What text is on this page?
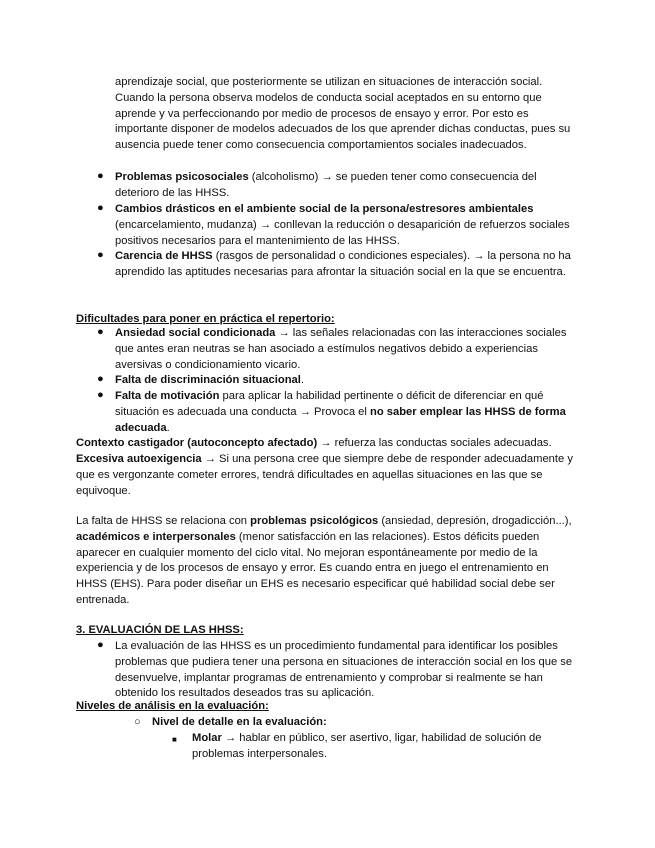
aprendizaje social, que posteriormente se utilizan en situaciones de interacción social. Cuando la persona observa modelos de conducta social aceptados en su entorno que aprende y va perfeccionando por medio de procesos de ensayo y error. Por esto es importante disponer de modelos adecuados de los que aprender dichas conductas, pues su ausencia puede tener como consecuencia comportamientos sociales inadecuados.

● Problemas psicosociales (alcoholismo) → se pueden tener como consecuencia del deterioro de las HHSS.

● Cambios drásticos en el ambiente social de la persona/estresores ambientales (encarcelamiento, mudanza) → conllevan la reducción o desaparición de refuerzos sociales positivos necesarios para el mantenimiento de las HHSS.

● Carencia de HHSS (rasgos de personalidad o condiciones especiales). → la persona no ha aprendido las aptitudes necesarias para afrontar la situación social en la que se encuentra.

Dificultades para poner en práctica el repertorio:

● Ansiedad social condicionada → las señales relacionadas con las interacciones sociales que antes eran neutras se han asociado a estímulos negativos debido a experiencias aversivas o condicionamiento vicario.

● Falta de discriminación situacional.

● Falta de motivación para aplicar la habilidad pertinente o déficit de diferenciar en qué situación es adecuada una conducta → Provoca el no saber emplear las HHSS de forma adecuada.

Contexto castigador (autoconcepto afectado) → refuerza las conductas sociales adecuadas.

Excesiva autoexigencia → Si una persona cree que siempre debe de responder adecuadamente y que es vergonzante cometer errores, tendrá dificultades en aquellas situaciones en las que se equivoque.

La falta de HHSS se relaciona con problemas psicológicos (ansiedad, depresión, drogadicción...), académicos e interpersonales (menor satisfacción en las relaciones). Estos déficits pueden aparecer en cualquier momento del ciclo vital. No mejoran espontáneamente por medio de la experiencia y de los procesos de ensayo y error. Es cuando entra en juego el entrenamiento en HHSS (EHS). Para poder diseñar un EHS es necesario especificar qué habilidad social debe ser entrenada.

3. EVALUACIÓN DE LAS HHSS:

● La evaluación de las HHSS es un procedimiento fundamental para identificar los posibles problemas que pudiera tener una persona en situaciones de interacción social en los que se desenvuelve, implantar programas de entrenamiento y comprobar si realmente se han obtenido los resultados deseados tras su aplicación.

Niveles de análisis en la evaluación:

○ Nivel de detalle en la evaluación:

■ Molar → hablar en público, ser asertivo, ligar, habilidad de solución de problemas interpersonales.
